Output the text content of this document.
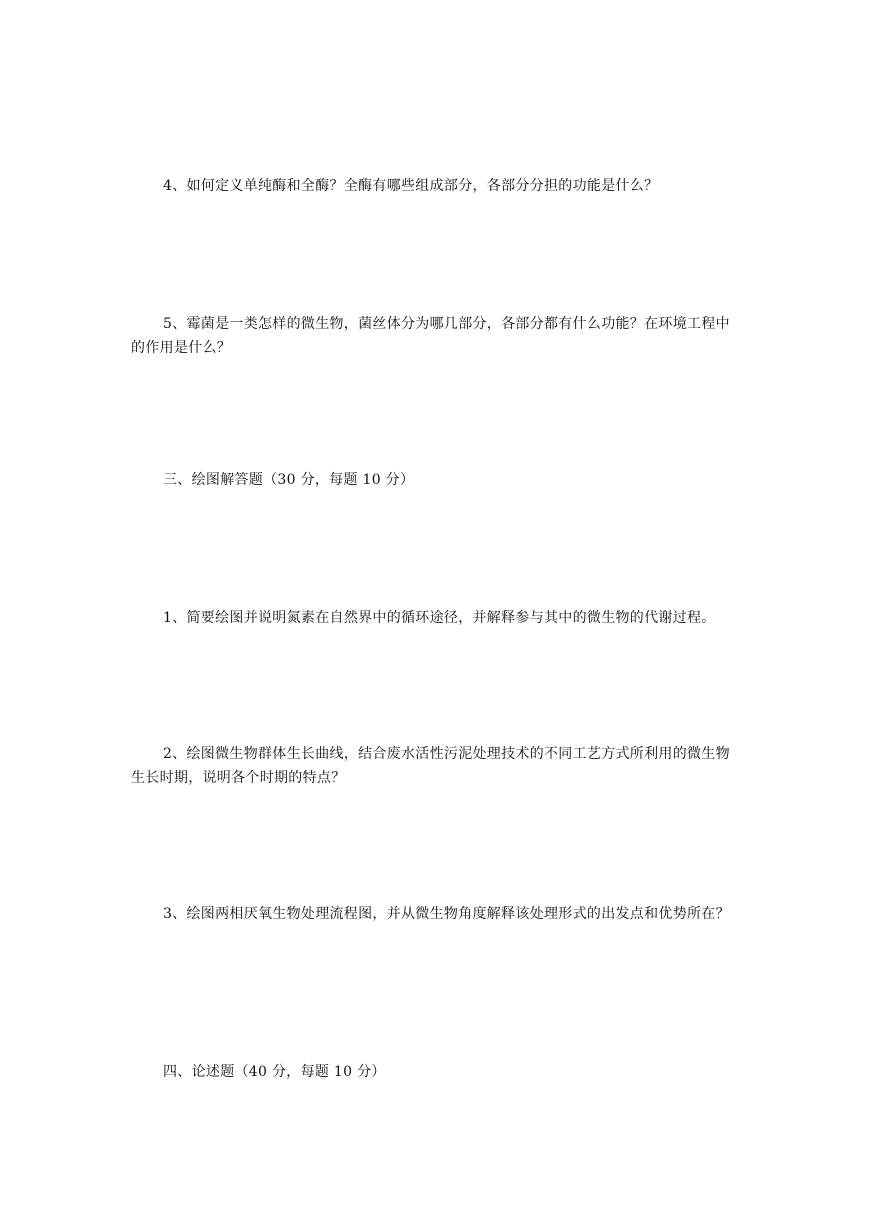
4、如何定义单纯酶和全酶？全酶有哪些组成部分，各部分分担的功能是什么？

5、霉菌是一类怎样的微生物，菌丝体分为哪几部分，各部分都有什么功能？在环境工程中的作用是什么？

三、绘图解答题（30 分，每题 10 分）

1、简要绘图并说明氮素在自然界中的循环途径，并解释参与其中的微生物的代谢过程。

2、绘图微生物群体生长曲线，结合废水活性污泥处理技术的不同工艺方式所利用的微生物生长时期，说明各个时期的特点？

3、绘图两相厌氧生物处理流程图，并从微生物角度解释该处理形式的出发点和优势所在？

四、论述题（40 分，每题 10 分）
